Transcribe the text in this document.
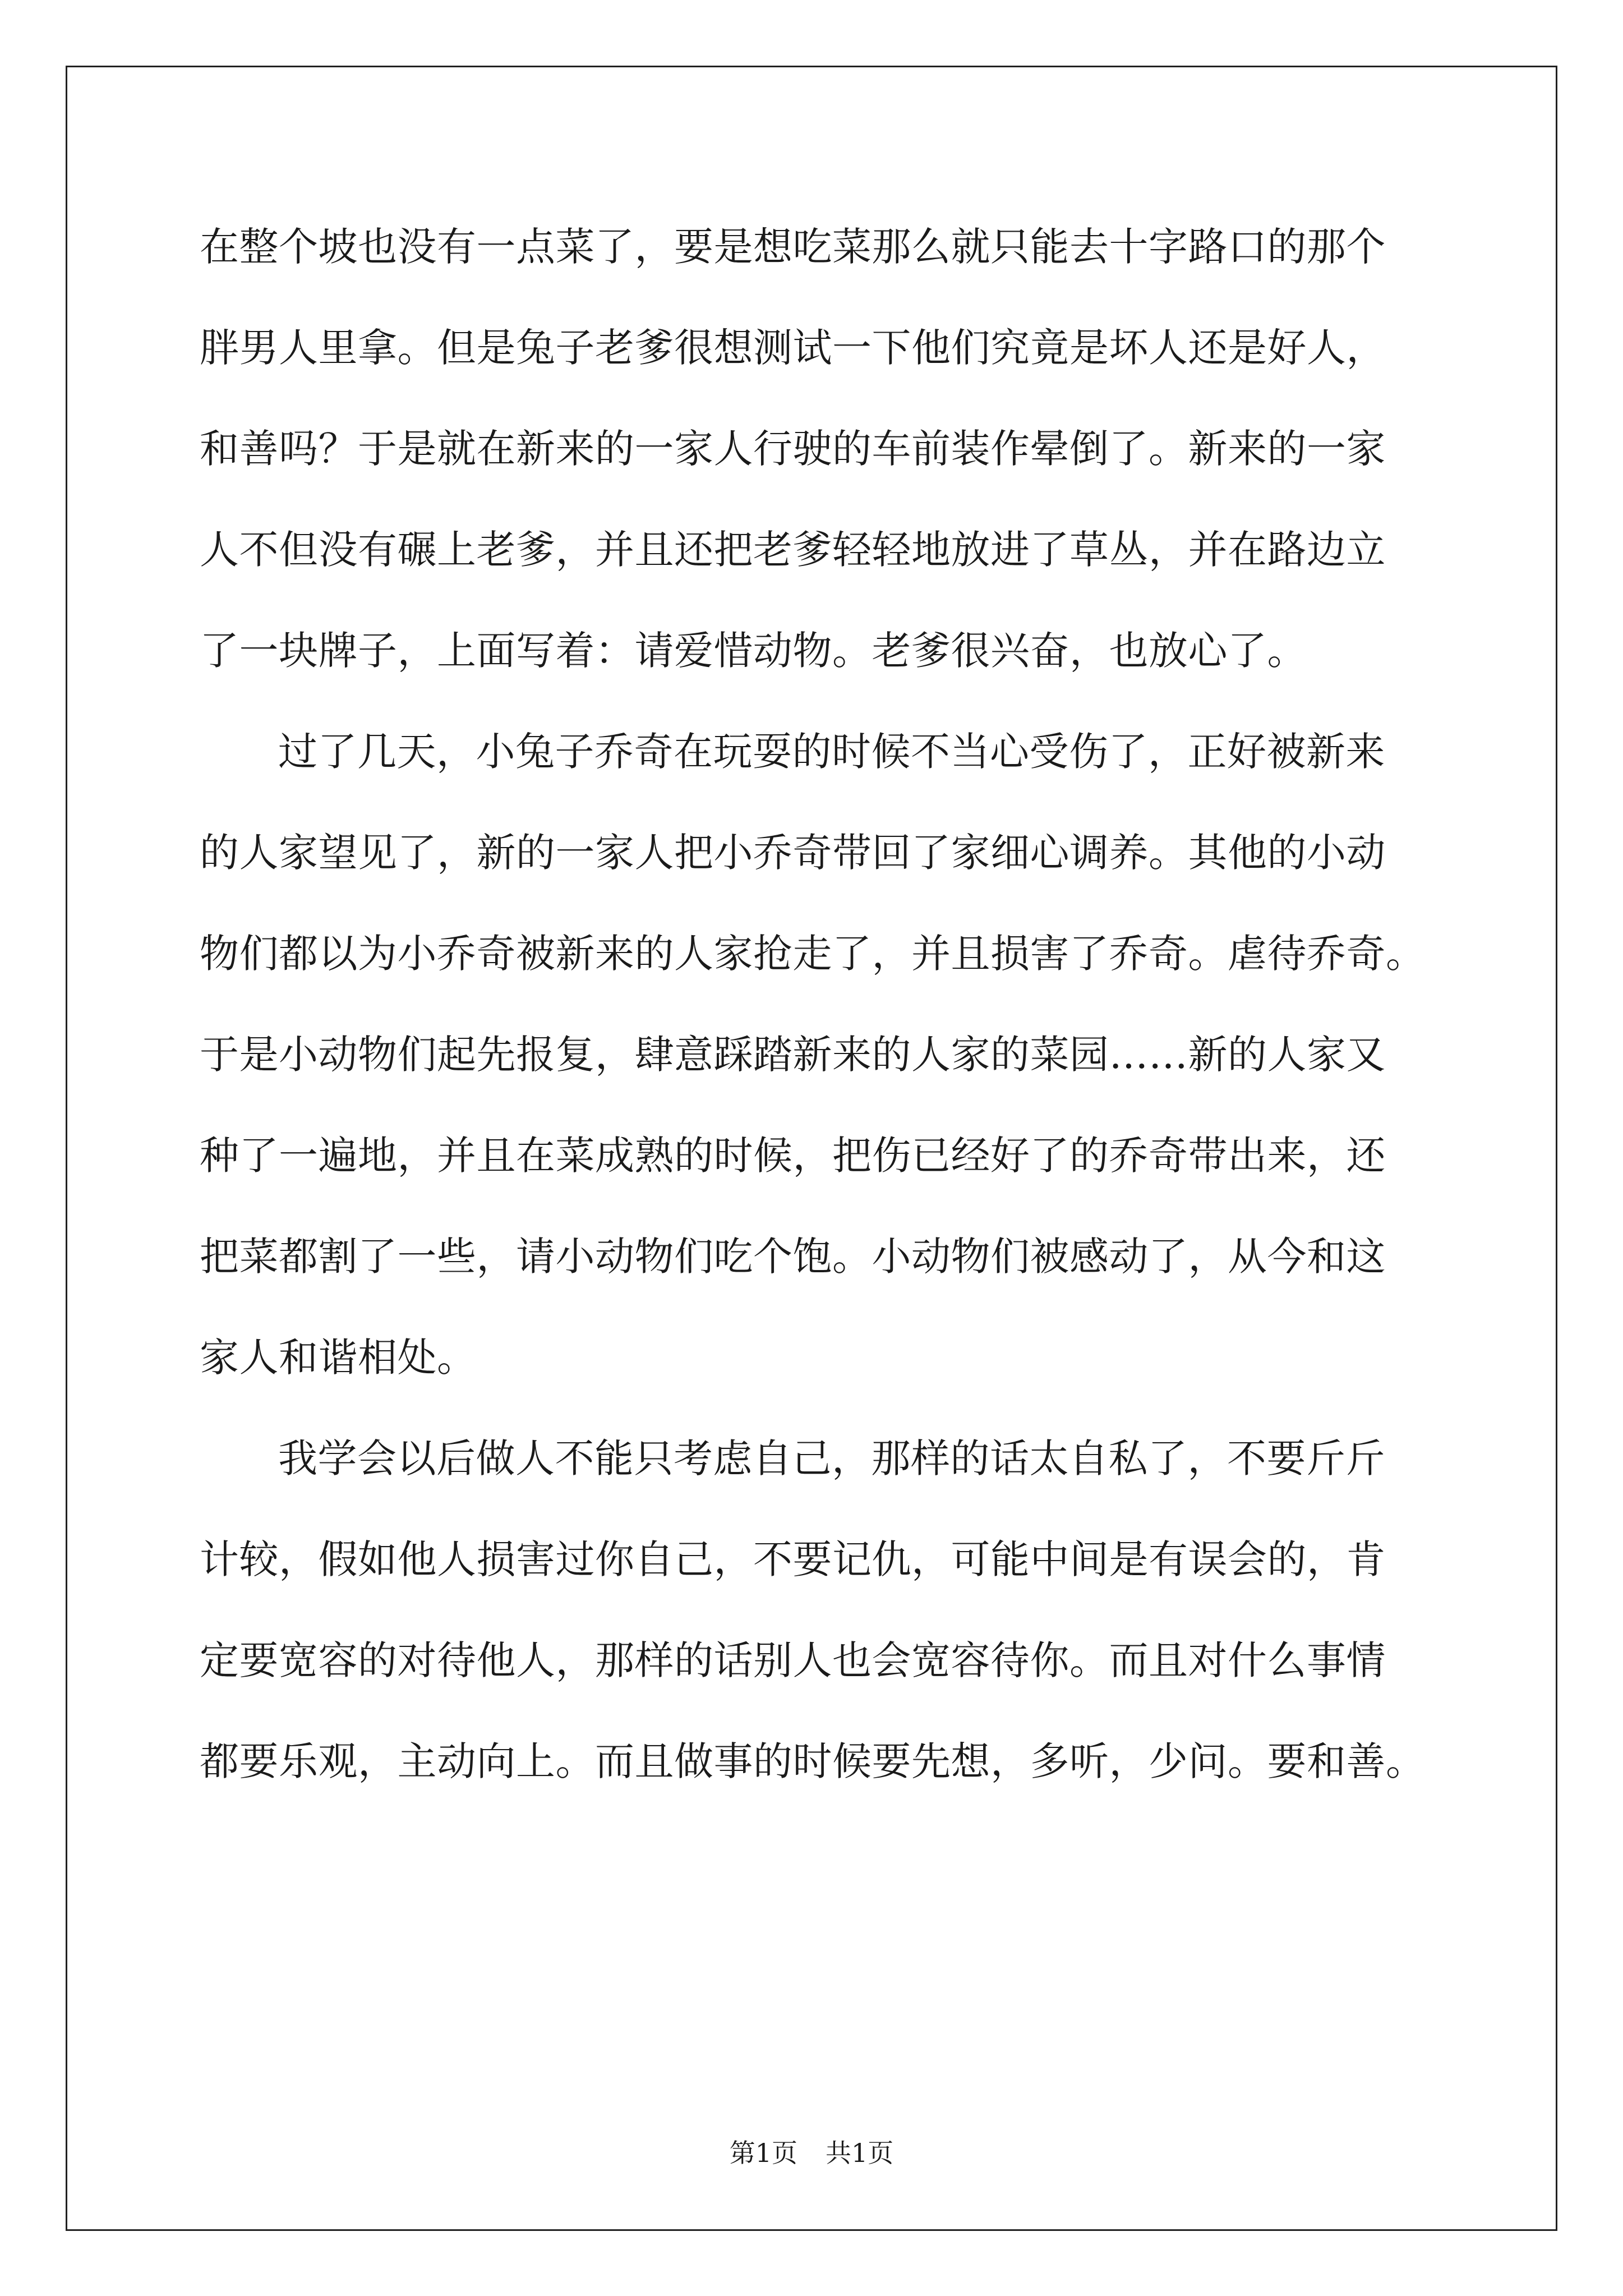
在整个坡也没有一点菜了，要是想吃菜那么就只能去十字路口的那个
胖男人里拿。但是兔子老爹很想测试一下他们究竟是坏人还是好人，
和善吗？于是就在新来的一家人行驶的车前装作晕倒了。新来的一家
人不但没有碾上老爹，并且还把老爹轻轻地放进了草丛，并在路边立
了一块牌子，上面写着：请爱惜动物。老爹很兴奋，也放心了。
过了几天，小兔子乔奇在玩耍的时候不当心受伤了，正好被新来
的人家望见了，新的一家人把小乔奇带回了家细心调养。其他的小动
物们都以为小乔奇被新来的人家抢走了，并且损害了乔奇。虐待乔奇。
于是小动物们起先报复，肆意踩踏新来的人家的菜园……新的人家又
种了一遍地，并且在菜成熟的时候，把伤已经好了的乔奇带出来，还
把菜都割了一些，请小动物们吃个饱。小动物们被感动了，从今和这
家人和谐相处。
我学会以后做人不能只考虑自己，那样的话太自私了，不要斤斤
计较，假如他人损害过你自己，不要记仇，可能中间是有误会的，肯
定要宽容的对待他人，那样的话别人也会宽容待你。而且对什么事情
都要乐观，主动向上。而且做事的时候要先想，多听，少问。要和善。
第1页 共1页
